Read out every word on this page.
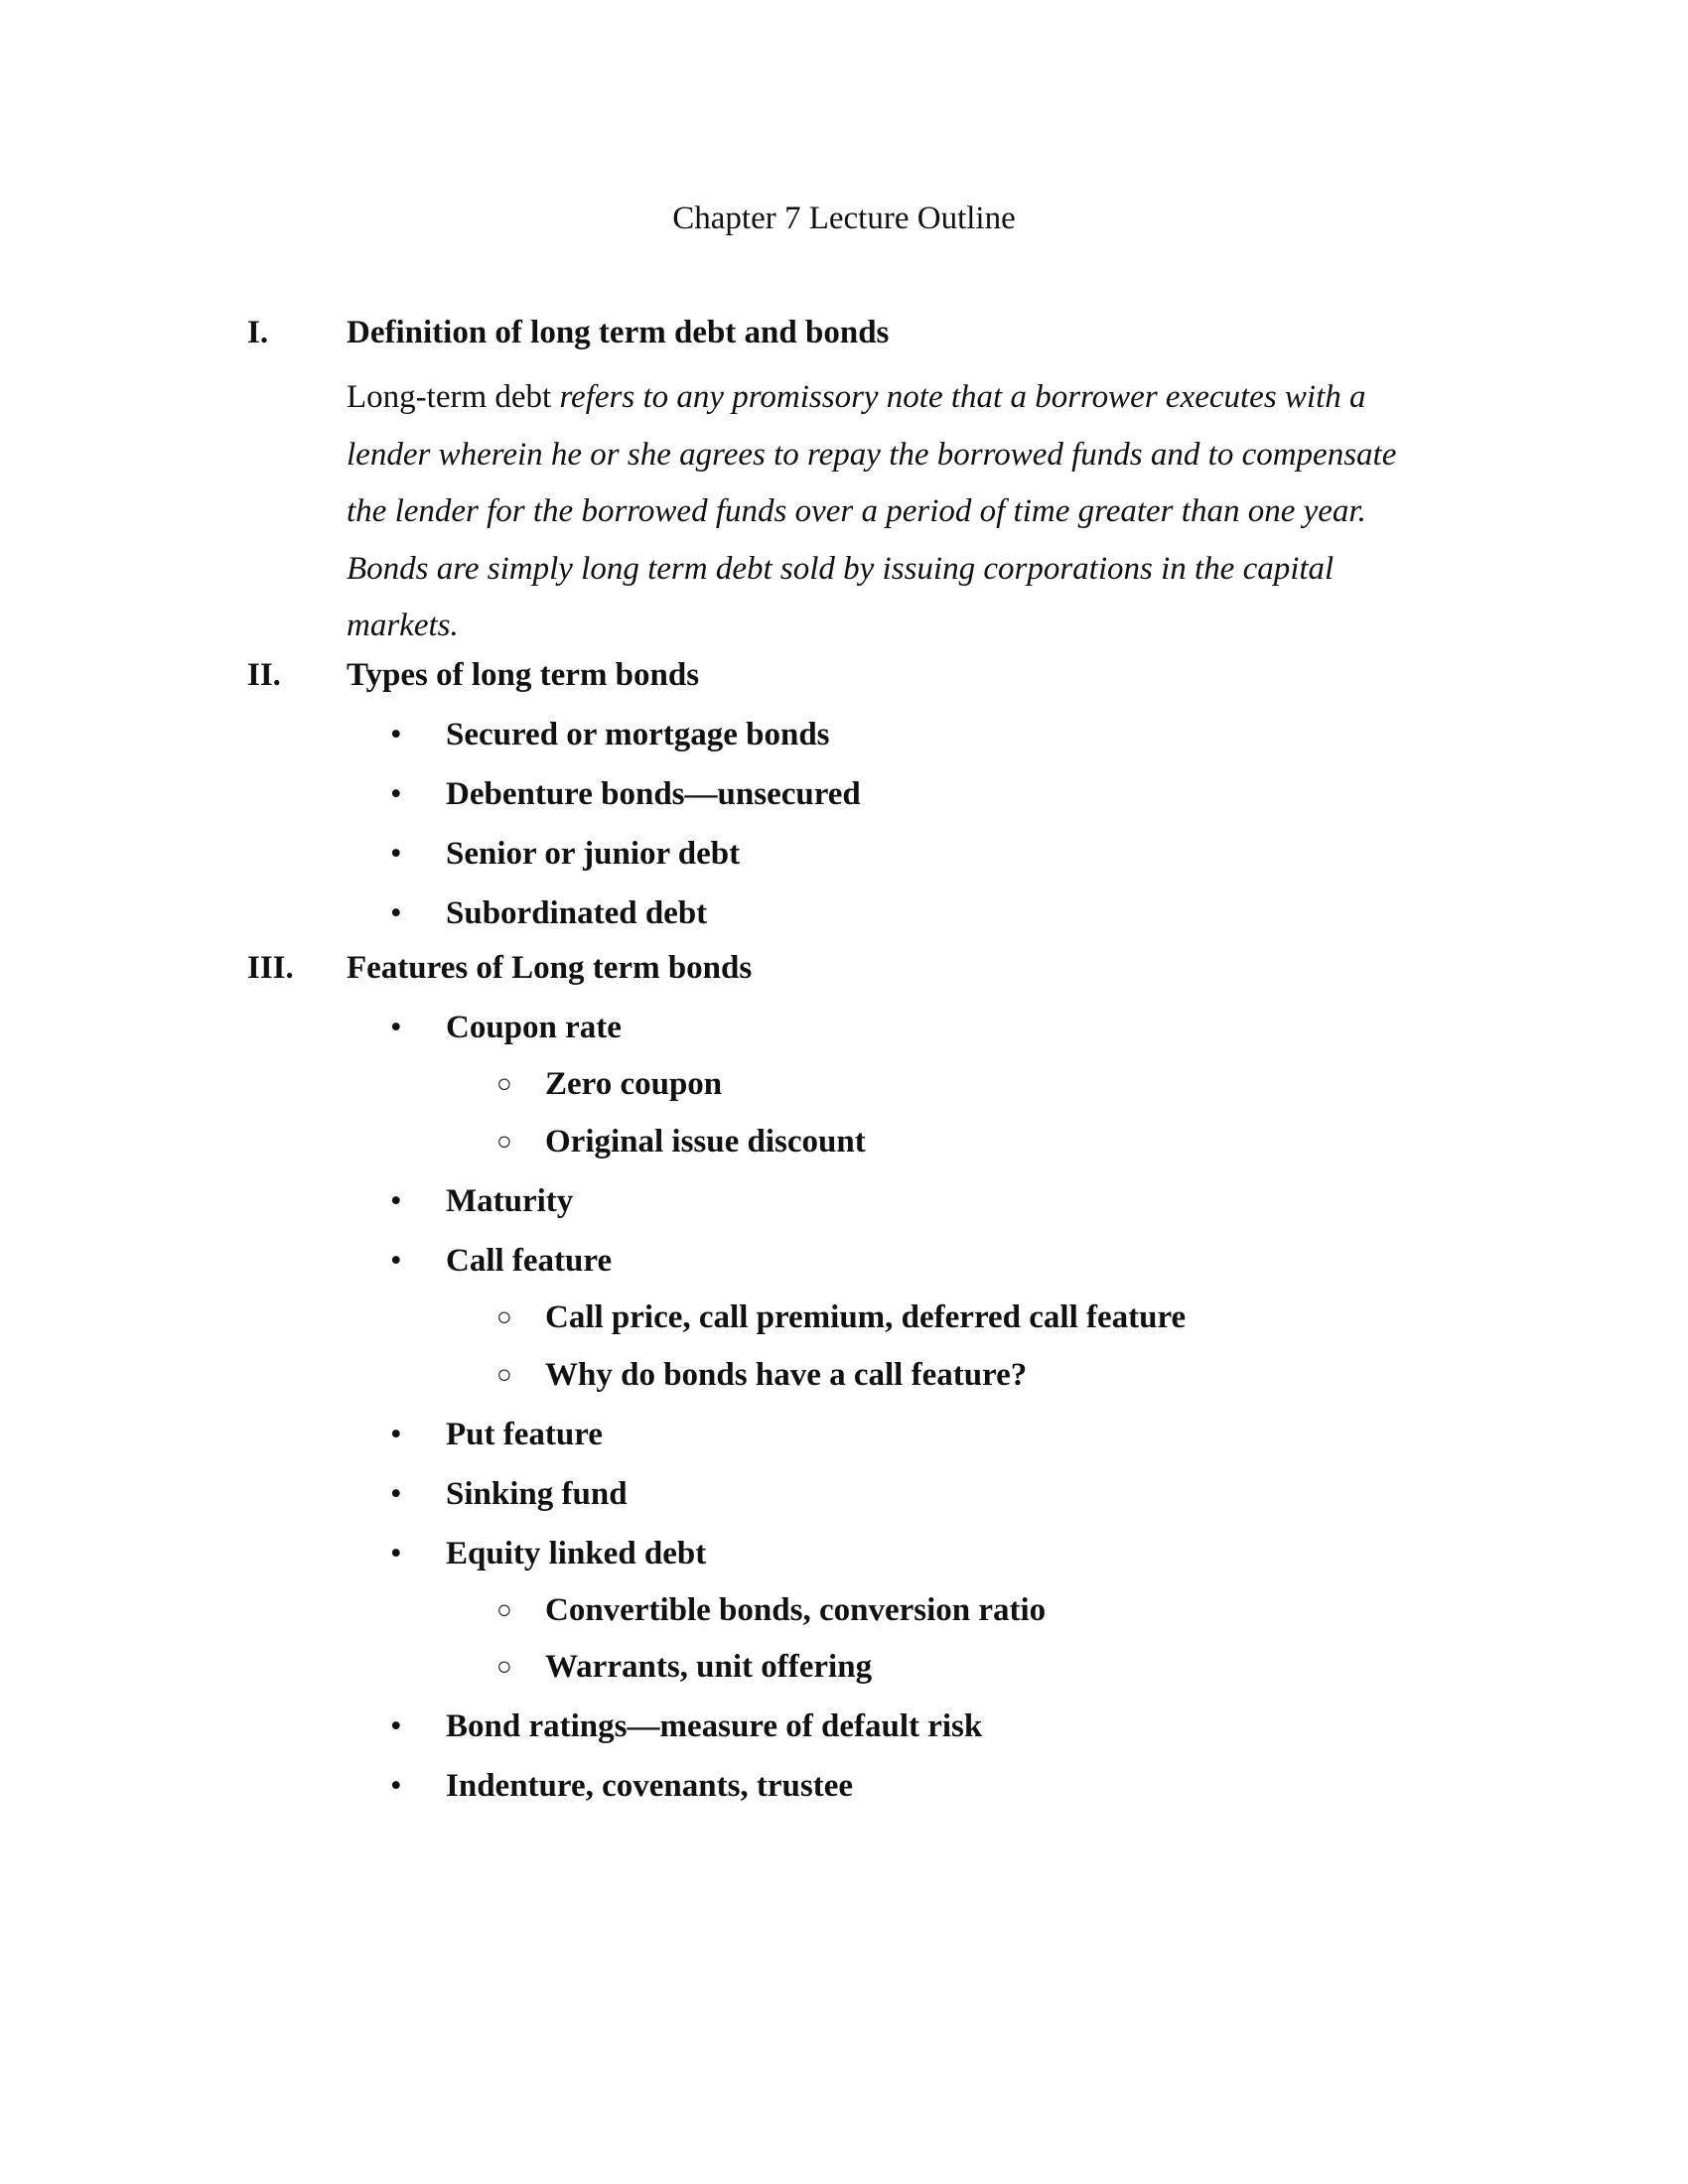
Chapter 7 Lecture Outline
I. Definition of long term debt and bonds
Long-term debt refers to any promissory note that a borrower executes with a lender wherein he or she agrees to repay the borrowed funds and to compensate the lender for the borrowed funds over a period of time greater than one year. Bonds are simply long term debt sold by issuing corporations in the capital markets.
II. Types of long term bonds
• Secured or mortgage bonds
• Debenture bonds—unsecured
• Senior or junior debt
• Subordinated debt
III. Features of Long term bonds
• Coupon rate
○ Zero coupon
○ Original issue discount
• Maturity
• Call feature
○ Call price, call premium, deferred call feature
○ Why do bonds have a call feature?
• Put feature
• Sinking fund
• Equity linked debt
○ Convertible bonds, conversion ratio
○ Warrants, unit offering
• Bond ratings—measure of default risk
• Indenture, covenants, trustee
